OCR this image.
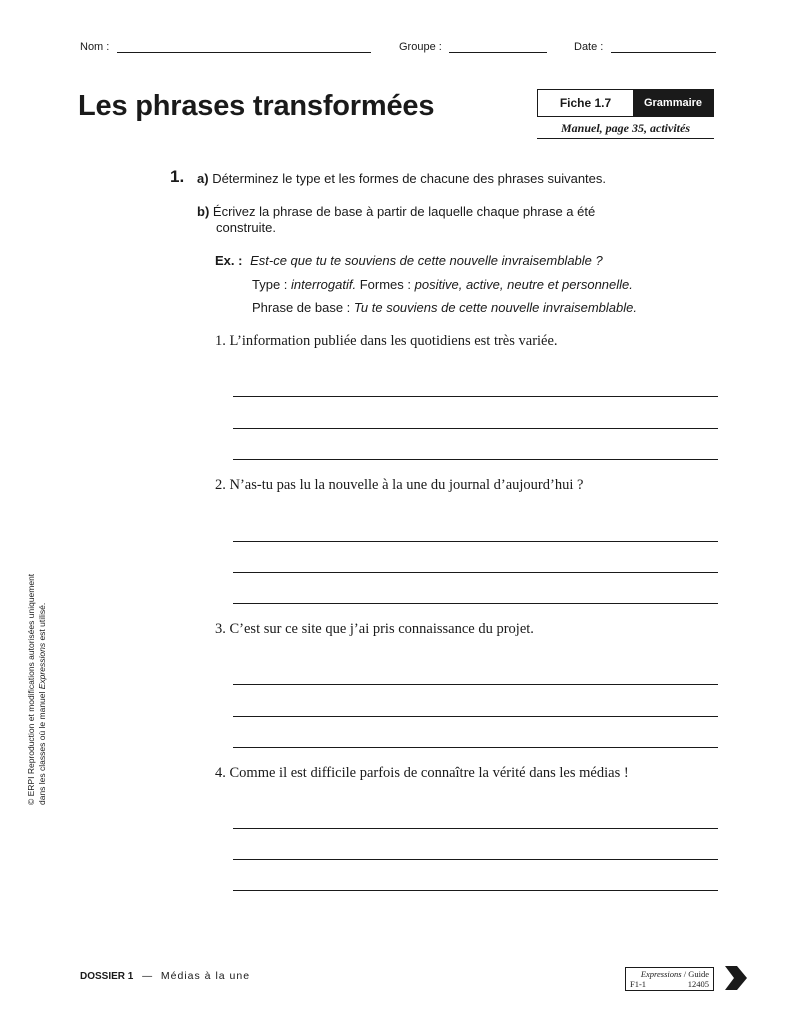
Nom :	Groupe :	Date :
Les phrases transformées	Fiche 1.7	Grammaire
Manuel, page 35, activités
1. a) Déterminez le type et les formes de chacune des phrases suivantes.
b) Écrivez la phrase de base à partir de laquelle chaque phrase a été
construite.
Ex. : Est-ce que tu te souviens de cette nouvelle invraisemblable ?
Type : interrogatif. Formes : positive, active, neutre et personnelle.
Phrase de base : Tu te souviens de cette nouvelle invraisemblable.
1. L’information publiée dans les quotidiens est très variée.
2. N’as-tu pas lu la nouvelle à la une du journal d’aujourd’hui ?
3. C’est sur ce site que j’ai pris connaissance du projet.
4. Comme il est difficile parfois de connaître la vérité dans les médias !
© ERPI Reproduction et modifications autorisées uniquement dans les classes où le manuel Expressions est utilisé.
DOSSIER 1 — Médias à la une	Expressions / Guide
F1-1	12405
